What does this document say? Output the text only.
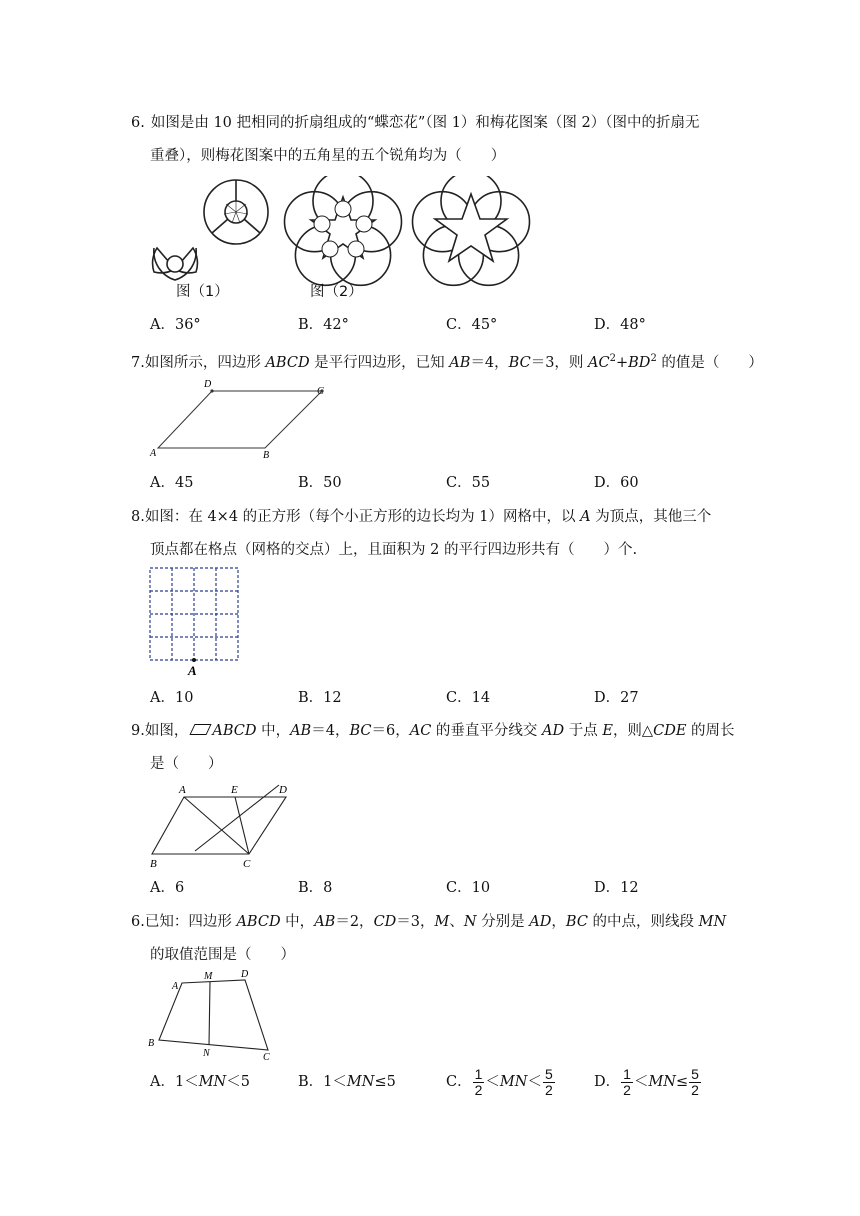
6. 如图是由 10 把相同的折扇组成的“蝶恋花”（图 1）和梅花图案（图 2）（图中的折扇无
重叠），则梅花图案中的五角星的五个锐角均为（　　）
图（1）	图（2）
A．36°	B．42°	C．45°	D．48°
7.如图所示，四边形 ABCD 是平行四边形，已知 AB＝4，BC＝3，则 $AC^2+BD^2$ 的值是（　　）
D
C
A	B
A．45	B．50	C．55	D．60
8.如图：在 4×4 的正方形（每个小正方形的边长均为 1）网格中，以 A 为顶点，其他三个
顶点都在格点（网格的交点）上，且面积为 2 的平行四边形共有（　　）个.
A
A．10	B．12	C．14	D．27
9.如图， ABCD 中，AB＝4，BC＝6，AC 的垂直平分线交 AD 于点 E，则△CDE 的周长
是（　　）
A	E	D
B	C
A．6	B．8	C．10	D．12
6.已知：四边形 ABCD 中，AB＝2，CD＝3，M、N 分别是 AD，BC 的中点，则线段 MN
的取值范围是（　　）
A
M	D
B
N	C
A．1＜MN＜5	B．1＜MN≤5	C． $\frac{1}{2} <MN< \frac{5}{2}$	D． $\frac{1}{2} <MN\le \frac{5}{2}$
